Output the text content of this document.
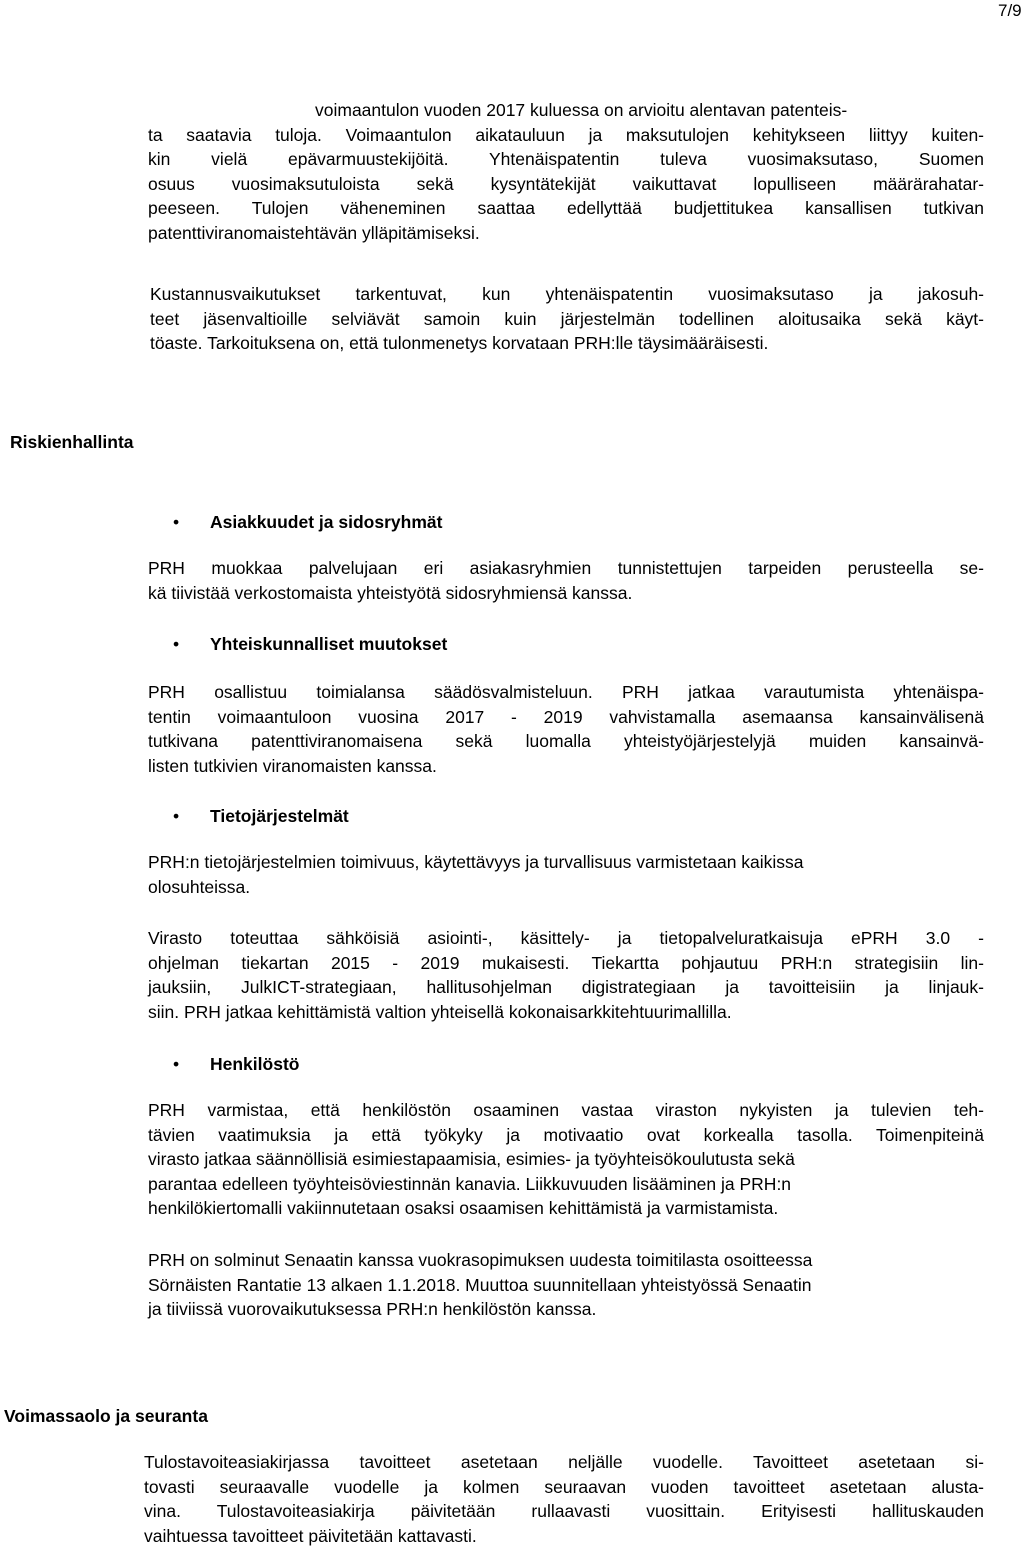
7/9
voimaantulon vuoden 2017 kuluessa on arvioitu alentavan patenteis-
ta saatavia tuloja. Voimaantulon aikatauluun ja maksutulojen kehitykseen liittyy kuiten-
kin vielä epävarmuustekijöitä. Yhtenäispatentin tuleva vuosimaksutaso, Suomen
osuus vuosimaksutuloista sekä kysyntätekijät vaikuttavat lopulliseen määrärahatar-
peeseen. Tulojen väheneminen saattaa edellyttää budjettitukea kansallisen tutkivan
patenttiviranomaistehtävän ylläpitämiseksi.
Kustannusvaikutukset tarkentuvat, kun yhtenäispatentin vuosimaksutaso ja jakosuh-
teet jäsenvaltioille selviävät samoin kuin järjestelmän todellinen aloitusaika sekä käyt-
töaste. Tarkoituksena on, että tulonmenetys korvataan PRH:lle täysimääräisesti.
Riskienhallinta
• Asiakkuudet ja sidosryhmät
PRH muokkaa palvelujaan eri asiakasryhmien tunnistettujen tarpeiden perusteella se-
kä tiivistää verkostomaista yhteistyötä sidosryhmiensä kanssa.
• Yhteiskunnalliset muutokset
PRH osallistuu toimialansa säädösvalmisteluun. PRH jatkaa varautumista yhtenäispa-
tentin voimaantuloon vuosina 2017 - 2019 vahvistamalla asemaansa kansainvälisenä
tutkivana patenttiviranomaisena sekä luomalla yhteistyöjärjestelyjä muiden kansainvä-
listen tutkivien viranomaisten kanssa.
• Tietojärjestelmät
PRH:n tietojärjestelmien toimivuus, käytettävyys ja turvallisuus varmistetaan kaikissa
olosuhteissa.
Virasto toteuttaa sähköisiä asiointi-, käsittely- ja tietopalveluratkaisuja ePRH 3.0 -
ohjelman tiekartan 2015 - 2019 mukaisesti. Tiekartta pohjautuu PRH:n strategisiin lin-
jauksiin, JulkICT-strategiaan, hallitusohjelman digistrategiaan ja tavoitteisiin ja linjauk-
siin. PRH jatkaa kehittämistä valtion yhteisellä kokonaisarkkitehtuurimallilla.
• Henkilöstö
PRH varmistaa, että henkilöstön osaaminen vastaa viraston nykyisten ja tulevien teh-
tävien vaatimuksia ja että työkyky ja motivaatio ovat korkealla tasolla. Toimenpiteinä
virasto jatkaa säännöllisiä esimiestapaamisia, esimies- ja työyhteisökoulutusta sekä
parantaa edelleen työyhteisöviestinnän kanavia. Liikkuvuuden lisääminen ja PRH:n
henkilökiertomalli vakiinnutetaan osaksi osaamisen kehittämistä ja varmistamista.
PRH on solminut Senaatin kanssa vuokrasopimuksen uudesta toimitilasta osoitteessa
Sörnäisten Rantatie 13 alkaen 1.1.2018. Muuttoa suunnitellaan yhteistyössä Senaatin
ja tiiviissä vuorovaikutuksessa PRH:n henkilöstön kanssa.
Voimassaolo ja seuranta
Tulostavoiteasiakirjassa tavoitteet asetetaan neljälle vuodelle. Tavoitteet asetetaan si-
tovasti seuraavalle vuodelle ja kolmen seuraavan vuoden tavoitteet asetetaan alusta-
vina. Tulostavoiteasiakirja päivitetään rullaavasti vuosittain. Erityisesti hallituskauden
vaihtuessa tavoitteet päivitetään kattavasti.
